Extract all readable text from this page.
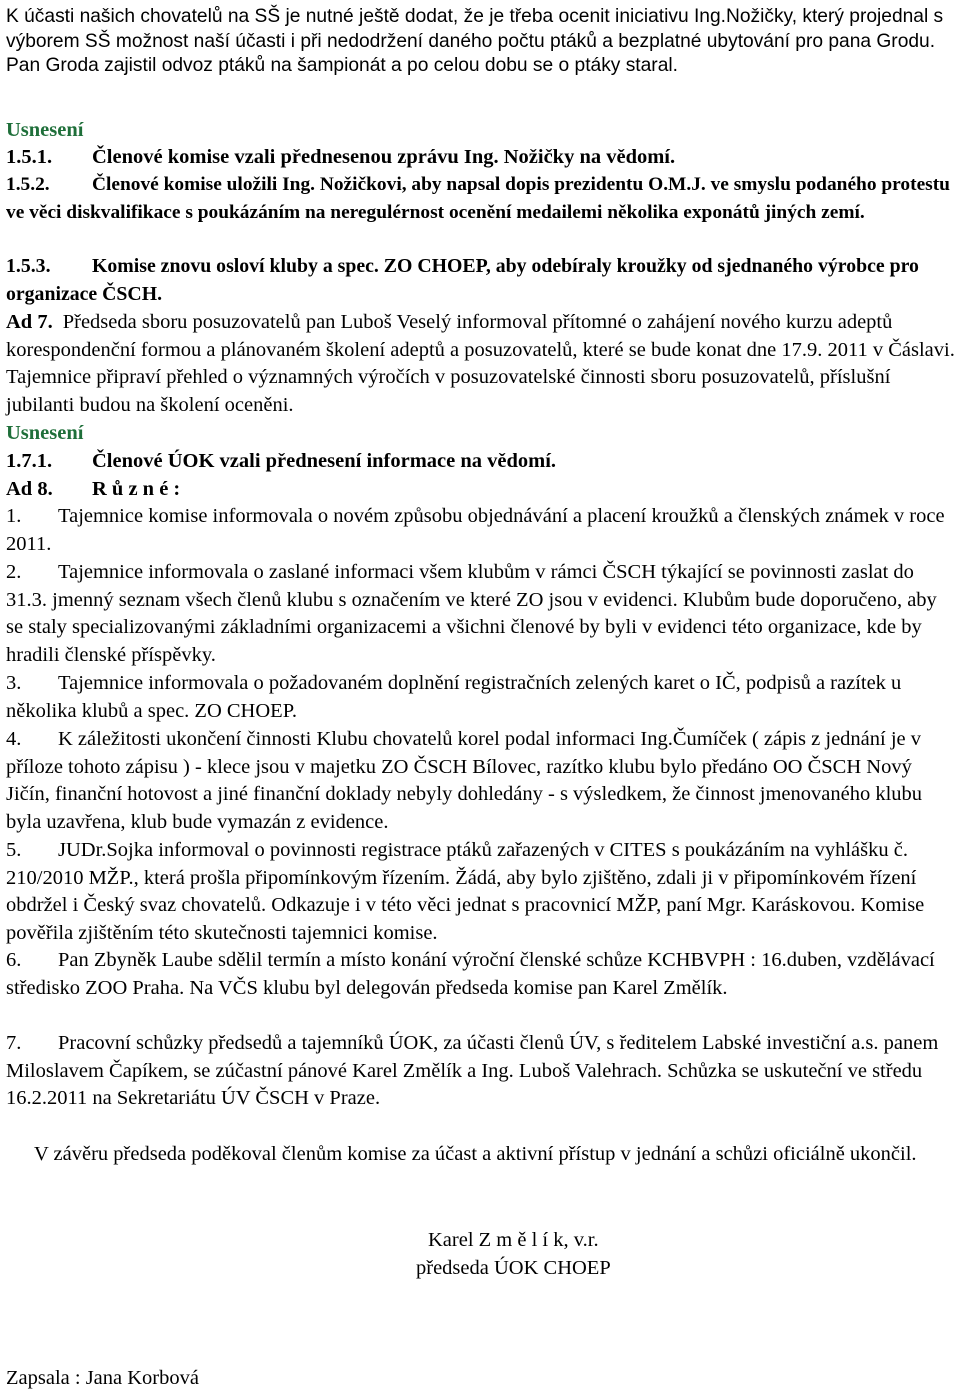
K účasti našich chovatelů na SŠ je nutné ještě dodat, že je třeba ocenit iniciativu Ing.Nožičky, který projednal s výborem SŠ možnost naší účasti i při nedodržení daného počtu ptáků a bezplatné ubytování pro pana Grodu. Pan Groda zajistil odvoz ptáků na šampionát a po celou dobu se o ptáky staral.
Usnesení
1.5.1. Členové komise vzali přednesenou zprávu Ing. Nožičky na vědomí.
1.5.2. Členové komise uložili Ing. Nožičkovi, aby napsal dopis prezidentu O.M.J. ve smyslu podaného protestu ve věci diskvalifikace s poukázáním na neregulérnost ocenění medailemi několika exponátů jiných zemí.
1.5.3. Komise znovu osloví kluby a spec. ZO CHOEP, aby odebíraly kroužky od sjednaného výrobce pro organizace ČSCH.
Ad 7. Předseda sboru posuzovatelů pan Luboš Veselý informoval přítomné o zahájení nového kurzu adeptů korespondenční formou a plánovaném školení adeptů a posuzovatelů, které se bude konat dne 17.9. 2011 v Čáslavi. Tajemnice připraví přehled o významných výročích v posuzovatelské činnosti sboru posuzovatelů, příslušní jubilanti budou na školení oceněni.
Usnesení
1.7.1. Členové ÚOK vzali přednesení informace na vědomí.
Ad 8. R ů z n é :
1. Tajemnice komise informovala o novém způsobu objednávání a placení kroužků a členských známek v roce 2011.
2. Tajemnice informovala o zaslané informaci všem klubům v rámci ČSCH týkající se povinnosti zaslat do 31.3. jmenný seznam všech členů klubu s označením ve které ZO jsou v evidenci. Klubům bude doporučeno, aby se staly specializovanými základními organizacemi a všichni členové by byli v evidenci této organizace, kde by hradili členské příspěvky.
3. Tajemnice informovala o požadovaném doplnění registračních zelených karet o IČ, podpisů a razítek u několika klubů a spec. ZO CHOEP.
4. K záležitosti ukončení činnosti Klubu chovatelů korel podal informaci Ing.Čumíček ( zápis z jednání je v příloze tohoto zápisu ) - klece jsou v majetku ZO ČSCH Bílovec, razítko klubu bylo předáno OO ČSCH Nový Jičín, finanční hotovost a jiné finanční doklady nebyly dohledány - s výsledkem, že činnost jmenovaného klubu byla uzavřena, klub bude vymazán z evidence.
5. JUDr.Sojka informoval o povinnosti registrace ptáků zařazených v CITES s poukázáním na vyhlášku č. 210/2010 MŽP., která prošla připomínkovým řízením. Žádá, aby bylo zjištěno, zdali ji v připomínkovém řízení obdržel i Český svaz chovatelů. Odkazuje i v této věci jednat s pracovnicí MŽP, paní Mgr. Karáskovou. Komise pověřila zjištěním této skutečnosti tajemnici komise.
6. Pan Zbyněk Laube sdělil termín a místo konání výroční členské schůze KCHBVPH : 16.duben, vzdělávací středisko ZOO Praha. Na VČS klubu byl delegován předseda komise pan Karel Změlík.
7. Pracovní schůzky předsedů a tajemníků ÚOK, za účasti členů ÚV, s ředitelem Labské investiční a.s. panem Miloslavem Čapíkem, se zúčastní pánové Karel Změlík a Ing. Luboš Valehrach. Schůzka se uskuteční ve středu 16.2.2011 na Sekretariátu ÚV ČSCH v Praze.
V závěru předseda poděkoval členům komise za účast a aktivní přístup v jednání a schůzi oficiálně ukončil.
Karel Z m ě l í k, v.r.
předseda ÚOK CHOEP
Zapsala : Jana Korbová
